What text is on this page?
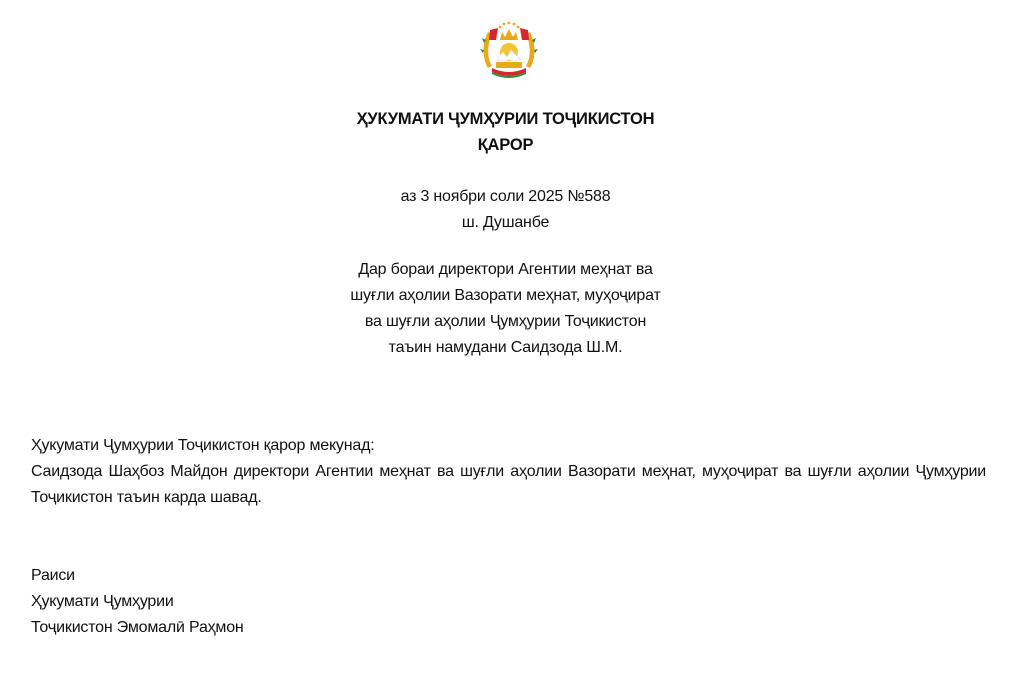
ҲУКУМАТИ ҶУМҲУРИИ ТОҶИКИСТОН
ҚАРОР
аз 3 ноябри соли 2025 №588
ш. Душанбе
Дар бораи директори Агентии меҳнат ва
шуғли аҳолии Вазорати меҳнат, муҳоҷират
ва шуғли аҳолии Ҷумҳурии Тоҷикистон
таъин намудани Саидзода Ш.М.
Ҳукумати Ҷумҳурии Тоҷикистон қарор мекунад:
Саидзода Шаҳбоз Майдон директори Агентии меҳнат ва шуғли аҳолии Вазорати меҳнат, муҳоҷират ва шуғли аҳолии Ҷумҳурии Тоҷикистон таъин карда шавад.
Раиси
Ҳукумати Ҷумҳурии
Тоҷикистон Эмомалӣ Раҳмон
